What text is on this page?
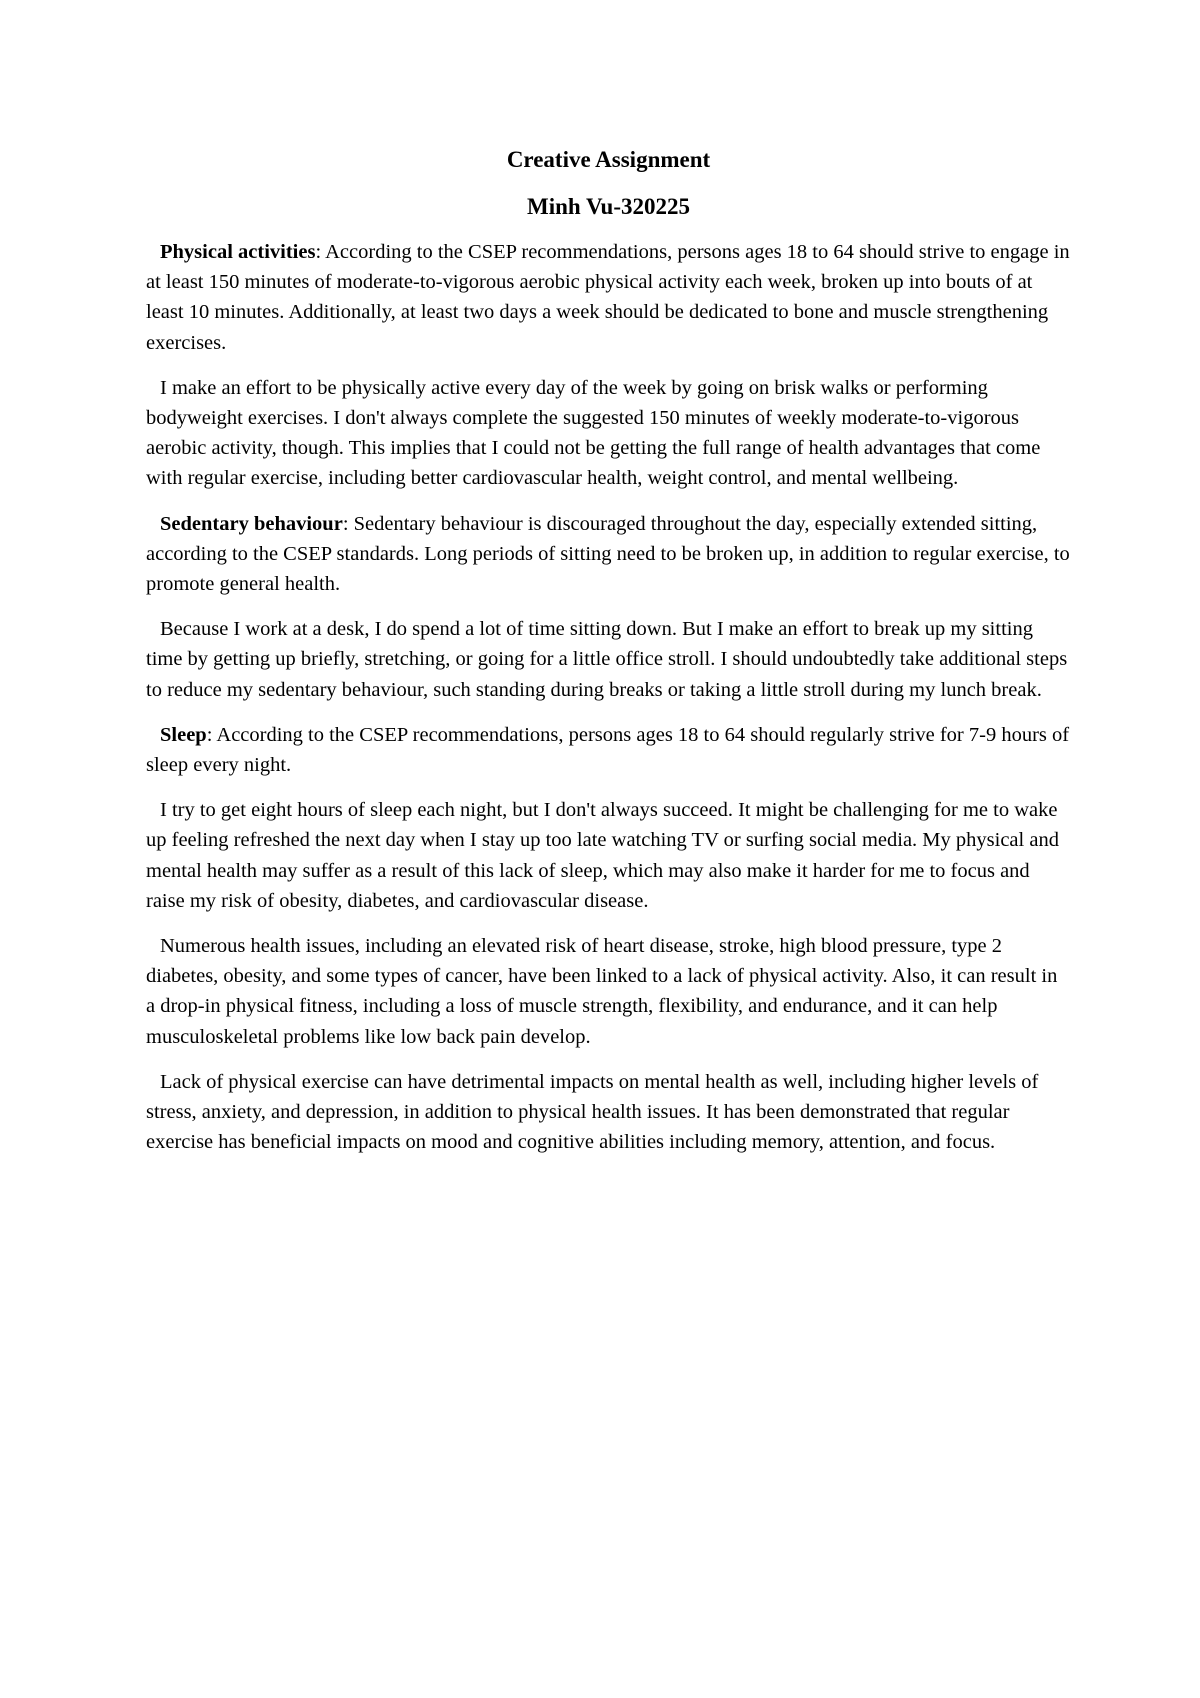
Creative Assignment
Minh Vu-320225

Physical activities: According to the CSEP recommendations, persons ages 18 to 64 should strive to engage in at least 150 minutes of moderate-to-vigorous aerobic physical activity each week, broken up into bouts of at least 10 minutes. Additionally, at least two days a week should be dedicated to bone and muscle strengthening exercises.

I make an effort to be physically active every day of the week by going on brisk walks or performing bodyweight exercises. I don't always complete the suggested 150 minutes of weekly moderate-to-vigorous aerobic activity, though. This implies that I could not be getting the full range of health advantages that come with regular exercise, including better cardiovascular health, weight control, and mental wellbeing.

Sedentary behaviour: Sedentary behaviour is discouraged throughout the day, especially extended sitting, according to the CSEP standards. Long periods of sitting need to be broken up, in addition to regular exercise, to promote general health.

Because I work at a desk, I do spend a lot of time sitting down. But I make an effort to break up my sitting time by getting up briefly, stretching, or going for a little office stroll. I should undoubtedly take additional steps to reduce my sedentary behaviour, such standing during breaks or taking a little stroll during my lunch break.

Sleep: According to the CSEP recommendations, persons ages 18 to 64 should regularly strive for 7-9 hours of sleep every night.

I try to get eight hours of sleep each night, but I don't always succeed. It might be challenging for me to wake up feeling refreshed the next day when I stay up too late watching TV or surfing social media. My physical and mental health may suffer as a result of this lack of sleep, which may also make it harder for me to focus and raise my risk of obesity, diabetes, and cardiovascular disease.

Numerous health issues, including an elevated risk of heart disease, stroke, high blood pressure, type 2 diabetes, obesity, and some types of cancer, have been linked to a lack of physical activity. Also, it can result in a drop-in physical fitness, including a loss of muscle strength, flexibility, and endurance, and it can help musculoskeletal problems like low back pain develop.

Lack of physical exercise can have detrimental impacts on mental health as well, including higher levels of stress, anxiety, and depression, in addition to physical health issues. It has been demonstrated that regular exercise has beneficial impacts on mood and cognitive abilities including memory, attention, and focus.
